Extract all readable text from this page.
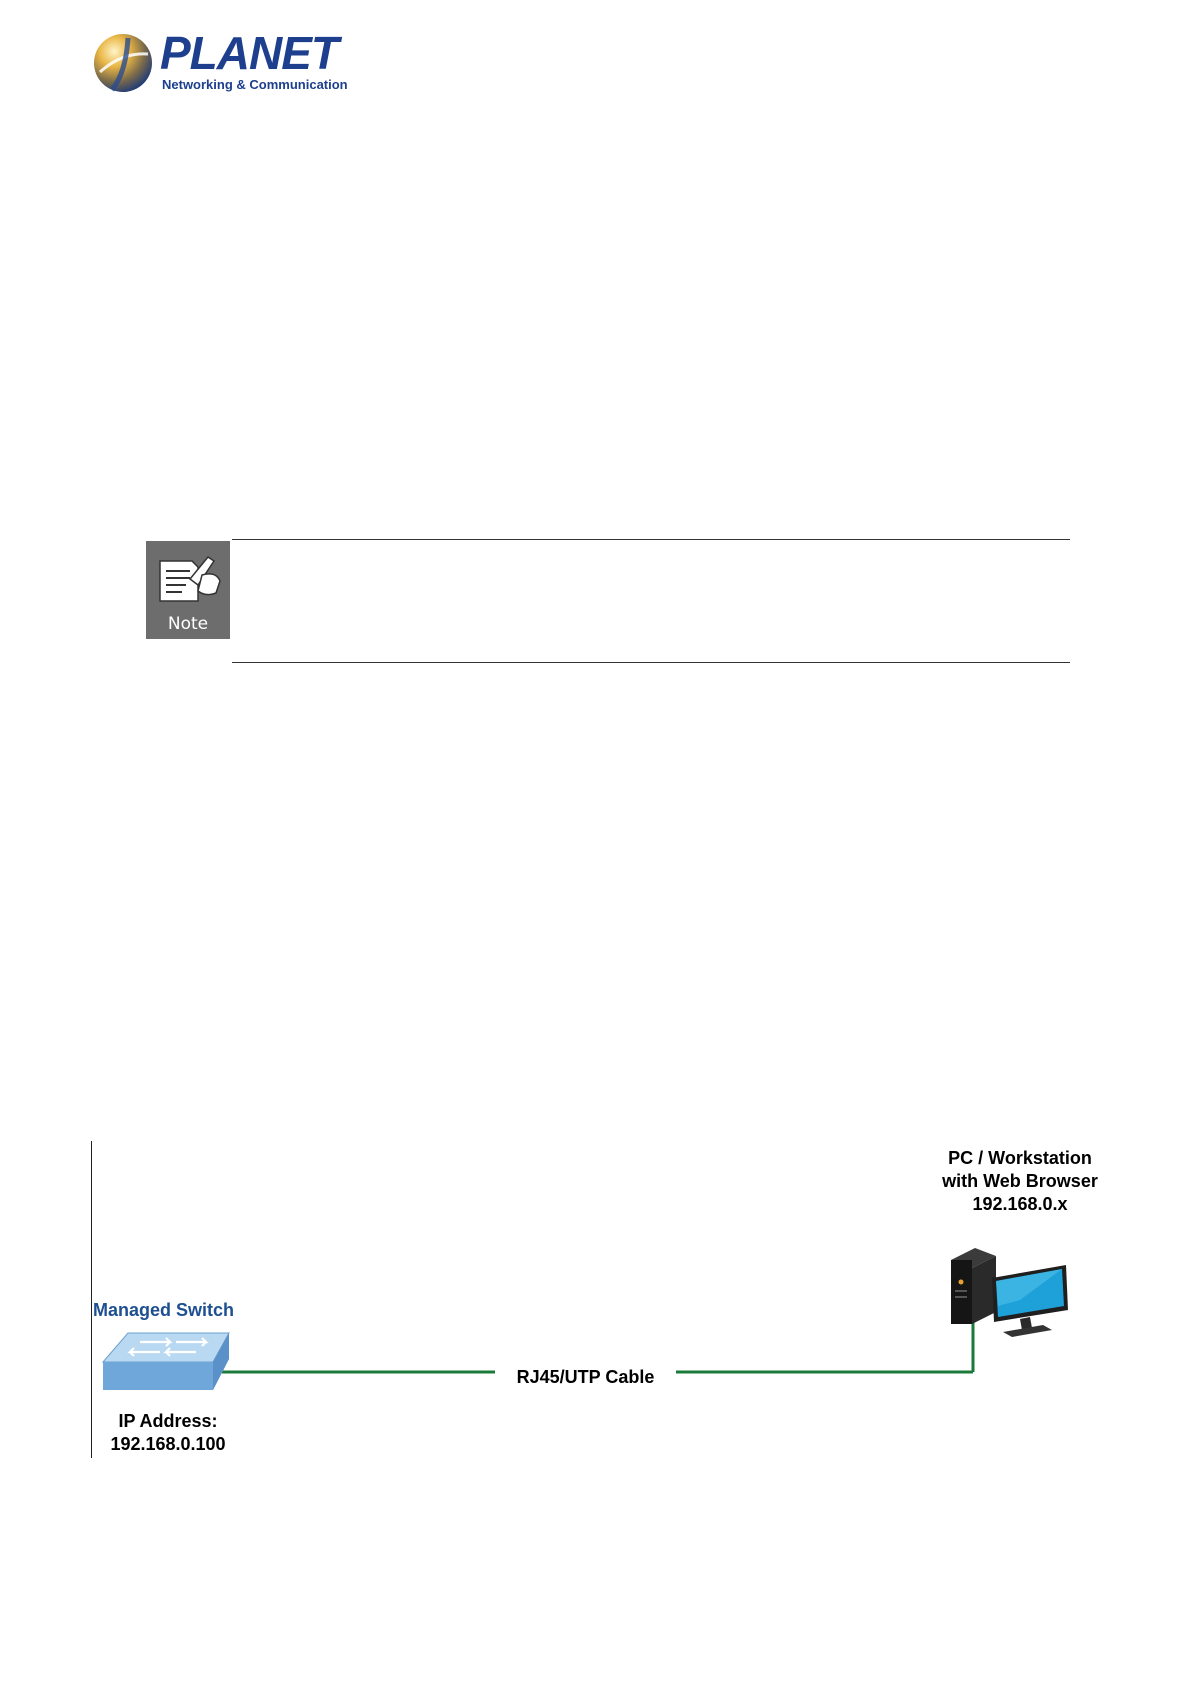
PLANET
Networking & Communication
Note
PC / Workstation
with Web Browser
192.168.0.x
Managed Switch
IP Address:
192.168.0.100
RJ45/UTP Cable
